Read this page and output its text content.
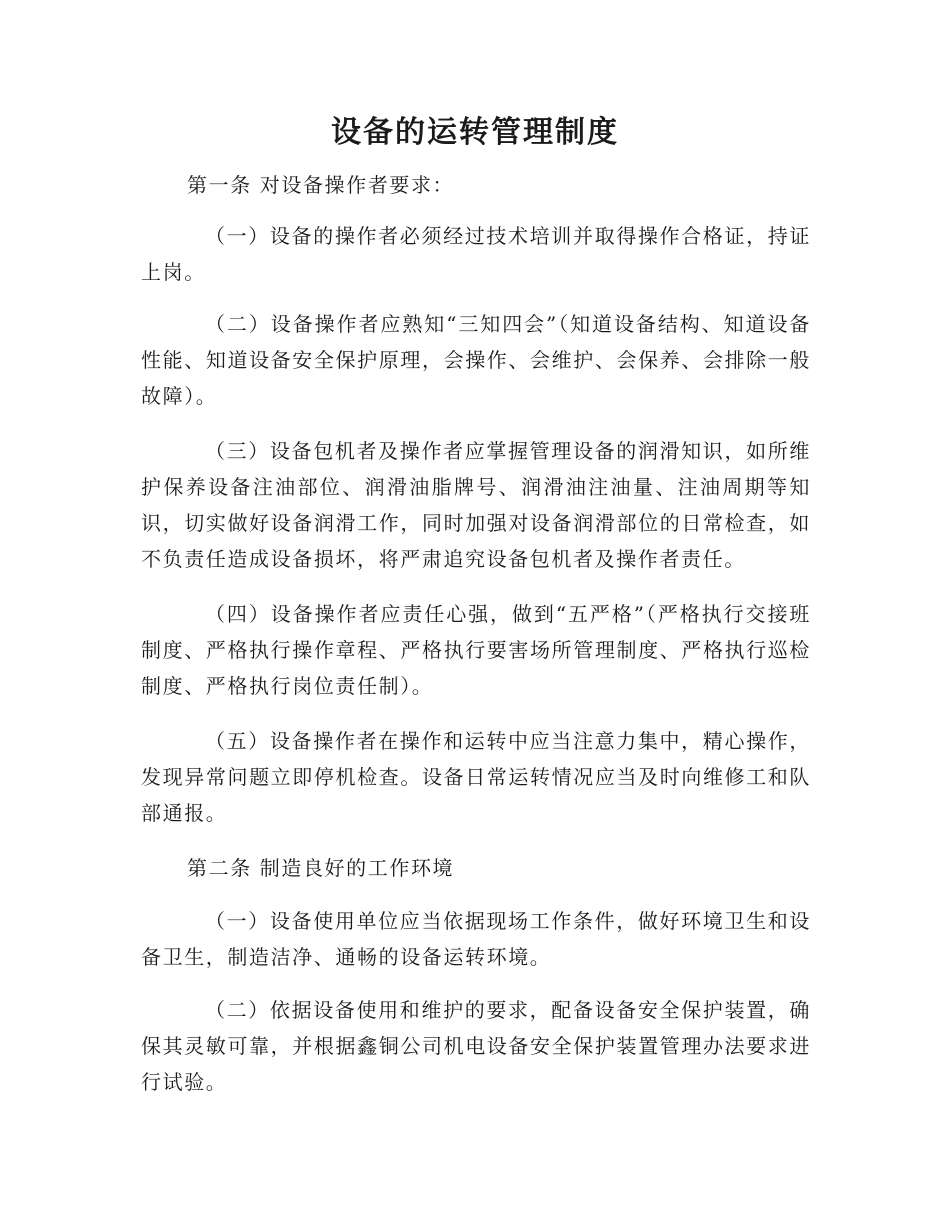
设备的运转管理制度

第一条 对设备操作者要求：

（一）设备的操作者必须经过技术培训并取得操作合格证，持证上岗。

（二）设备操作者应熟知“三知四会”（知道设备结构、知道设备性能、知道设备安全保护原理，会操作、会维护、会保养、会排除一般故障）。

（三）设备包机者及操作者应掌握管理设备的润滑知识，如所维护保养设备注油部位、润滑油脂牌号、润滑油注油量、注油周期等知识，切实做好设备润滑工作，同时加强对设备润滑部位的日常检查，如不负责任造成设备损坏，将严肃追究设备包机者及操作者责任。

（四）设备操作者应责任心强，做到“五严格”（严格执行交接班制度、严格执行操作章程、严格执行要害场所管理制度、严格执行巡检制度、严格执行岗位责任制）。

（五）设备操作者在操作和运转中应当注意力集中，精心操作，发现异常问题立即停机检查。设备日常运转情况应当及时向维修工和队部通报。

第二条 制造良好的工作环境

（一）设备使用单位应当依据现场工作条件，做好环境卫生和设备卫生，制造洁净、通畅的设备运转环境。

（二）依据设备使用和维护的要求，配备设备安全保护装置，确保其灵敏可靠，并根据鑫铜公司机电设备安全保护装置管理办法要求进行试验。
